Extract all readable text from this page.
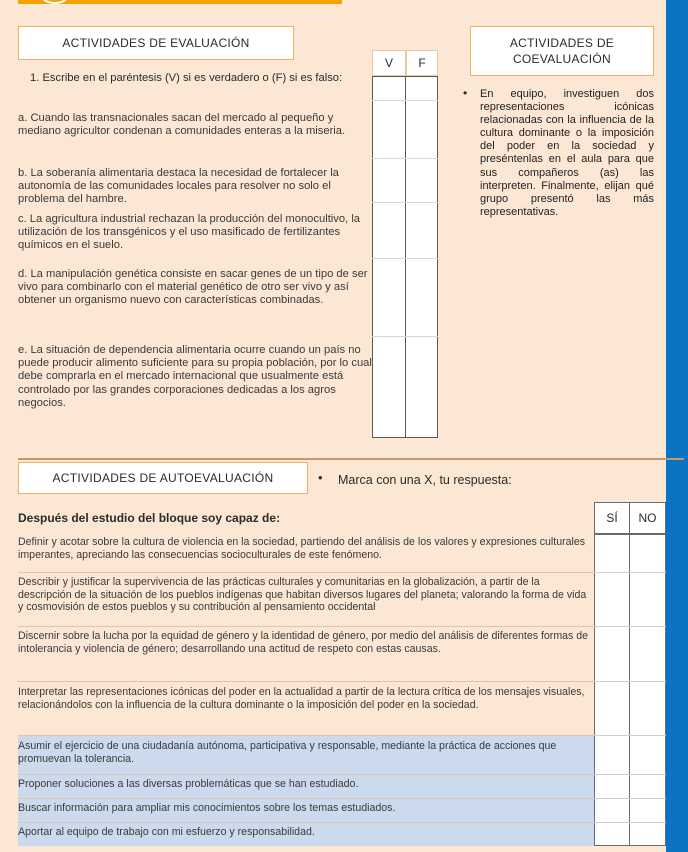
ACTIVIDADES DE EVALUACIÓN
V	F
1. Escribe en el paréntesis (V) si es verdadero o (F) si es falso:
a. Cuando las transnacionales sacan del mercado al pequeño y mediano agricultor condenan a comunidades enteras a la miseria.
b. La soberanía alimentaria destaca la necesidad de fortalecer la autonomía de las comunidades locales para resolver no solo el problema del hambre.
c. La agricultura industrial rechazan la producción del monocultivo, la utilización de los transgénicos y el uso masificado de fertilizantes químicos en el suelo.
d. La manipulación genética consiste en sacar genes de un tipo de ser vivo para combinarlo con el material genético de otro ser vivo y así obtener un organismo nuevo con características combinadas.
e. La situación de dependencia alimentaria ocurre cuando un país no puede producir alimento suficiente para su propia población, por lo cual debe comprarla en el mercado internacional que usualmente está controlado por las grandes corporaciones dedicadas a los agros negocios.
ACTIVIDADES DE COEVALUACIÓN
•	En equipo, investiguen dos representaciones icónicas relacionadas con la influencia de la cultura dominante o la imposición del poder en la sociedad y preséntenlas en el aula para que sus compañeros (as) las interpreten. Finalmente, elijan qué grupo presentó las más representativas.
ACTIVIDADES DE AUTOEVALUACIÓN	• Marca con una X, tu respuesta:
Después del estudio del bloque soy capaz de:	SÍ	NO
Definir y acotar sobre la cultura de violencia en la sociedad, partiendo del análisis de los valores y expresiones culturales imperantes, apreciando las consecuencias socioculturales de este fenómeno.
Describir y justificar la supervivencia de las prácticas culturales y comunitarias en la globalización, a partir de la descripción de la situación de los pueblos indígenas que habitan diversos lugares del planeta; valorando la forma de vida y cosmovisión de estos pueblos y su contribución al pensamiento occidental
Discernir sobre la lucha por la equidad de género y la identidad de género, por medio del análisis de diferentes formas de intolerancia y violencia de género; desarrollando una actitud de respeto con estas causas.
Interpretar las representaciones icónicas del poder en la actualidad a partir de la lectura crítica de los mensajes visuales, relacionándolos con la influencia de la cultura dominante o la imposición del poder en la sociedad.
Asumir el ejercicio de una ciudadanía autónoma, participativa y responsable, mediante la práctica de acciones que promuevan la tolerancia.
Proponer soluciones a las diversas problemáticas que se han estudiado.
Buscar información para ampliar mis conocimientos sobre los temas estudiados.
Aportar al equipo de trabajo con mi esfuerzo y responsabilidad.
